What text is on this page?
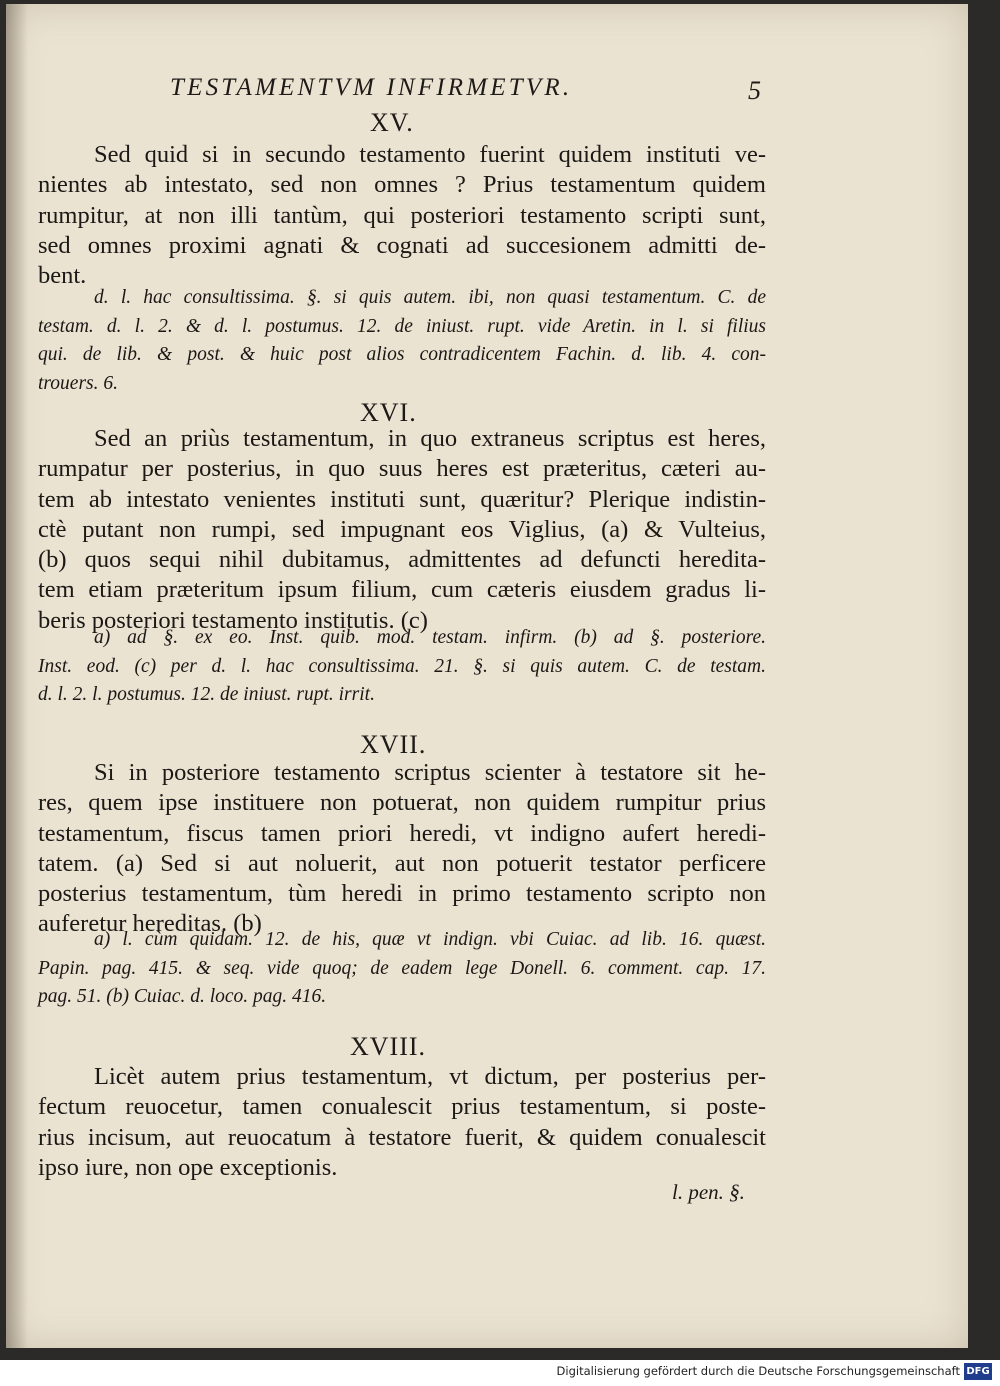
TESTAMENTVM INFIRMETVR.	5
XV.
Sed quid si in secundo testamento fuerint quidem instituti ve-
nientes ab intestato, sed non omnes ? Prius testamentum quidem
rumpitur, at non illi tantùm, qui posteriori testamento scripti sunt,
sed omnes proximi agnati & cognati ad succesionem admitti de-
bent.
d. l. hac consultissima. §. si quis autem. ibi, non quasi testamentum. C. de
testam. d. l. 2. & d. l. postumus. 12. de iniust. rupt. vide Aretin. in l. si filius
qui. de lib. & post. & huic post alios contradicentem Fachin. d. lib. 4. con-
trouers. 6.
XVI.
Sed an priùs testamentum, in quo extraneus scriptus est heres,
rumpatur per posterius, in quo suus heres est præteritus, cæteri au-
tem ab intestato venientes instituti sunt, quæritur? Plerique indistin-
ctè putant non rumpi, sed impugnant eos Viglius, (a) & Vulteius,
(b) quos sequi nihil dubitamus, admittentes ad defuncti heredita-
tem etiam præteritum ipsum filium, cum cæteris eiusdem gradus li-
beris posteriori testamento institutis. (c)
a) ad §. ex eo. Inst. quib. mod. testam. infirm. (b) ad §. posteriore.
Inst. eod. (c) per d. l. hac consultissima. 21. §. si quis autem. C. de testam.
d. l. 2. l. postumus. 12. de iniust. rupt. irrit.
XVII.
Si in posteriore testamento scriptus scienter à testatore sit he-
res, quem ipse instituere non potuerat, non quidem rumpitur prius
testamentum, fiscus tamen priori heredi, vt indigno aufert heredi-
tatem. (a) Sed si aut noluerit, aut non potuerit testator perficere
posterius testamentum, tùm heredi in primo testamento scripto non
auferetur hereditas. (b)
a) l. cùm quidam. 12. de his, quæ vt indign. vbi Cuiac. ad lib. 16. quæst.
Papin. pag. 415. & seq. vide quoq; de eadem lege Donell. 6. comment. cap. 17.
pag. 51. (b) Cuiac. d. loco. pag. 416.
XVIII.
Licèt autem prius testamentum, vt dictum, per posterius per-
fectum reuocetur, tamen conualescit prius testamentum, si poste-
rius incisum, aut reuocatum à testatore fuerit, & quidem conualescit
ipso iure, non ope exceptionis.
l. pen. §.
Digitalisierung gefördert durch die Deutsche Forschungsgemeinschaft DFG
